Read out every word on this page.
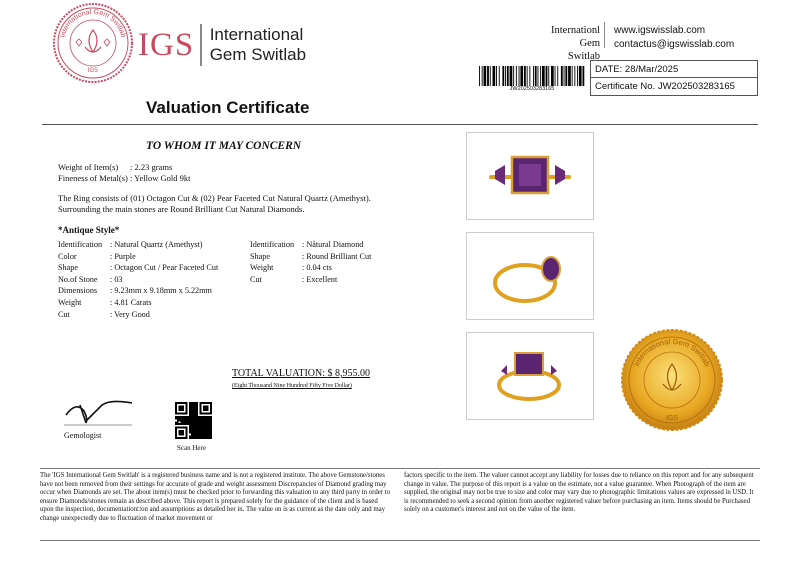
International Gem Switlab
IGS
IGS International
Gem Switlab
Internationl
Gem Switlab
www.igswisslab.com
contactus@igswisslab.com
JW202503283165
DATE: 28/Mar/2025
Certificate No. JW202503283165
Valuation Certificate
TO WHOM IT MAY CONCERN
Weight of Item(s) : 2.23 grams
Fineness of Metal(s) : Yellow Gold 9kt
The Ring consists of (01) Octagon Cut & (02) Pear Faceted Cut Natural Quartz (Amethyst). Surrounding the main stones are Round Brilliant Cut Natural Diamonds.
*Antique Style*
Identification : Natural Quartz (Amethyst)
Color	: Purple
Shape	: Octagon Cut / Pear Faceted Cut
No.of Stone	: 03
Dimensions	: 9.23mm x 9.18mm x 5.22mm
Weight	: 4.81 Carats
Cut	: Very Good
Identification : Nåtural Diamond
Shape	: Round Brilliant Cut
Weight	: 0.04 cts
Cut	: Excellent
International Gem Switlab
IGS
TOTAL VALUATION: $ 8,955.00
(Eight Thousand Nine Hundred Fifty Five Dollar)
Gemologist
Scan Here
The 'IGS International Gem Switlab' is a registered business name and is not a registered institute. The above Gemstone/stones have not been removed from their settings for accurate of grade and weight assessment Discrepancies of Diamond grading may occur when Diamonds are set. The about item(s) must be checked prior to forwarding this valuation to any third party in order to ensure Diamonds/stones remain as described above. This report is prepared solely for the guidance of the client and is based upon the inspection, documentation□on and assumptions as detailed her in. The value on is as current as the date only and may change unexpectedly due to fluctuation of market movement or
factors specific to the item. The valuer cannot accept any liability for losses due to reliance on this report and for any subsequent change in value. The purpose of this report is a value on the estimate, not a value guarantee. When Photograph of the item are supplied, the original may not be true to size and color may vary due to photographic limitations values are expressed in USD. It is recommended to seek a second opinion from another registered valuer before purchasing an item. Items should be Purchased solely on a customer's interest and not on the value of the item.
